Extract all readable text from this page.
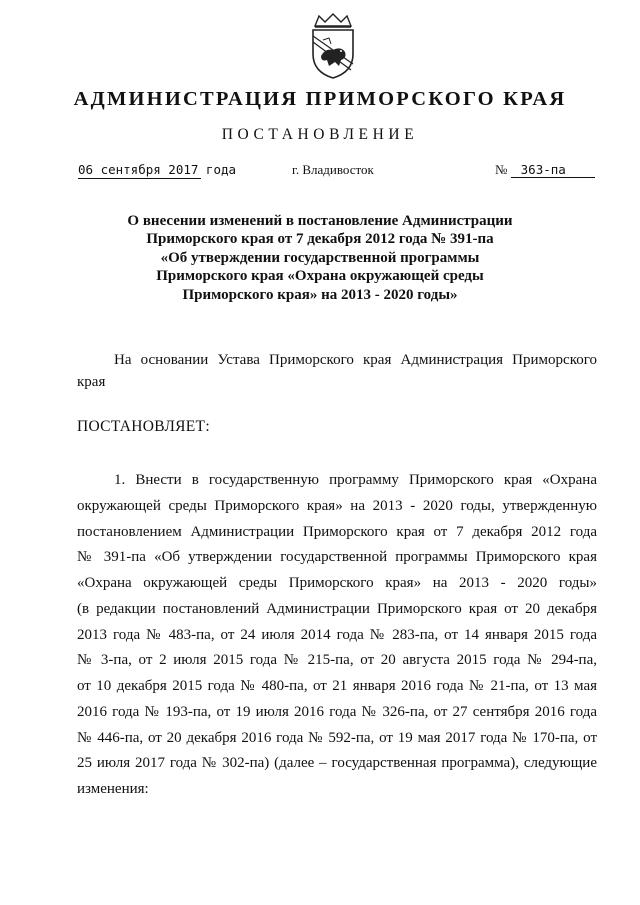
АДМИНИСТРАЦИЯ ПРИМОРСКОГО КРАЯ
ПОСТАНОВЛЕНИЕ
06 сентября 2017 года	г. Владивосток	№ 363-па
О внесении изменений в постановление Администрации
Приморского края от 7 декабря 2012 года № 391-па
«Об утверждении государственной программы
Приморского края «Охрана окружающей среды
Приморского края» на 2013 - 2020 годы»
На основании Устава Приморского края Администрация Приморского
края
ПОСТАНОВЛЯЕТ:
1. Внести в государственную программу Приморского края «Охрана
окружающей среды Приморского края» на 2013 - 2020 годы, утвержденную
постановлением Администрации Приморского края от 7 декабря 2012 года
№ 391-па «Об утверждении государственной программы Приморского края
«Охрана окружающей среды Приморского края» на 2013 - 2020 годы»
(в редакции постановлений Администрации Приморского края от 20 декабря
2013 года № 483-па, от 24 июля 2014 года № 283-па, от 14 января 2015 года
№ 3-па, от 2 июля 2015 года № 215-па, от 20 августа 2015 года № 294-па,
от 10 декабря 2015 года № 480-па, от 21 января 2016 года № 21-па, от 13 мая
2016 года № 193-па, от 19 июля 2016 года № 326-па, от 27 сентября 2016 года
№ 446-па, от 20 декабря 2016 года № 592-па, от 19 мая 2017 года № 170-па, от
25 июля 2017 года № 302-па) (далее – государственная программа), следующие
изменения:
